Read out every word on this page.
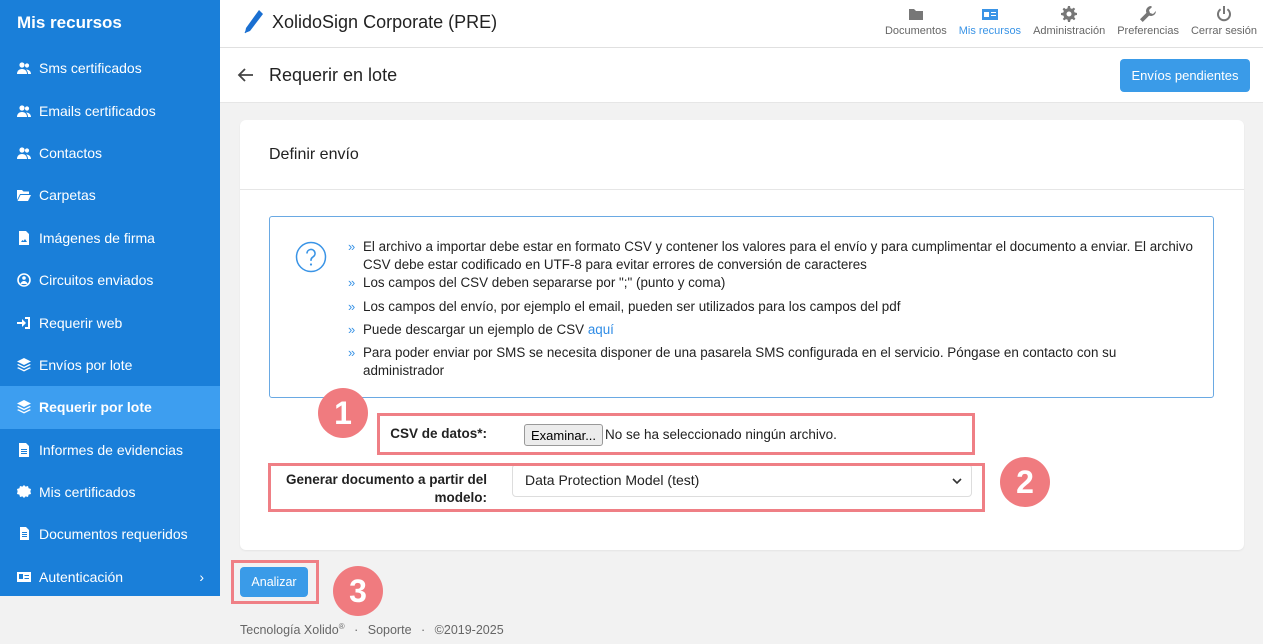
Mis recursos
Sms certificados
Emails certificados
Contactos
Carpetas
Imágenes de firma
Circuitos enviados
Requerir web
Envíos por lote
Requerir por lote
Informes de evidencias
Mis certificados
Documentos requeridos
Autenticación	›
XolidoSign Corporate (PRE)	Documentos Mis recursos Administración Preferencias Cerrar sesión
Requerir en lote	Envíos pendientes
Definir envío
» El archivo a importar debe estar en formato CSV y contener los valores para el envío y para cumplimentar el documento a enviar. El archivo CSV debe estar codificado en UTF-8 para evitar errores de conversión de caracteres
» Los campos del CSV deben separarse por ";" (punto y coma)
» Los campos del envío, por ejemplo el email, pueden ser utilizados para los campos del pdf
» Puede descargar un ejemplo de CSV aquí
» Para poder enviar por SMS se necesita disponer de una pasarela SMS configurada en el servicio. Póngase en contacto con su administrador
CSV de datos*:	Examinar... No se ha seleccionado ningún archivo.
Generar documento a partir del modelo:
Data Protection Model (test)
Analizar
1
2
3
Tecnología Xolido® · Soporte · ©2019-2025
